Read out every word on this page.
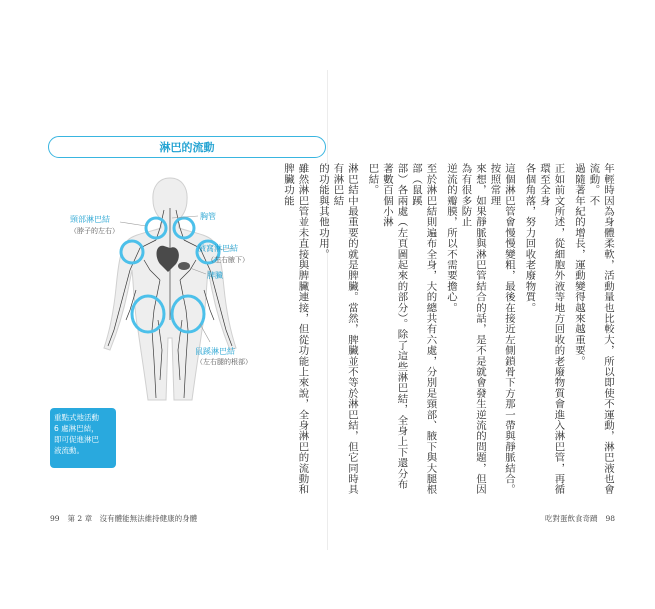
淋巴的流動
頸部淋巴結
（脖子的左右）
胸管
腋窩淋巴結
（左右腋下）
脾臟
鼠蹊淋巴結
（左右腿的根部）
重點式地活動
6 處淋巴結，
即可促進淋巴
液流動。
99 第 2 章　沒有體能無法維持健康的身體

年輕時因為身體柔軟，活動量也比較大，所以即使不運動，淋巴液也會流動。不

過隨著年紀的增長，運動變得越來越重要。

正如前文所述，從細胞外液等地方回收的老廢物質會進入淋巴管，再循環至全身

各個角落，努力回收老廢物質。

這個淋巴管會慢慢變粗，最後在接近左側鎖骨下方那一帶與靜脈結合。按照常理

來想，如果靜脈與淋巴管結合的話，是不是就會發生逆流的問題，但因為有很多防止

逆流的瓣膜，所以不需要擔心。

至於淋巴結則遍布全身，大的總共有六處，分別是頸部、腋下與大腿根部（鼠蹊

部）各兩處（左頁圖起來的部分）。除了這些淋巴結，全身上下還分布著數百個小淋

巴結。

淋巴結中最重要的就是脾臟。當然，脾臟並不等於淋巴結，但它同時具有淋巴結

的功能與其他功用。

雖然淋巴管並未直接與脾臟連接，但從功能上來說，全身淋巴的流動和脾臟功能

吃對蛋飲食奇蹟 98
